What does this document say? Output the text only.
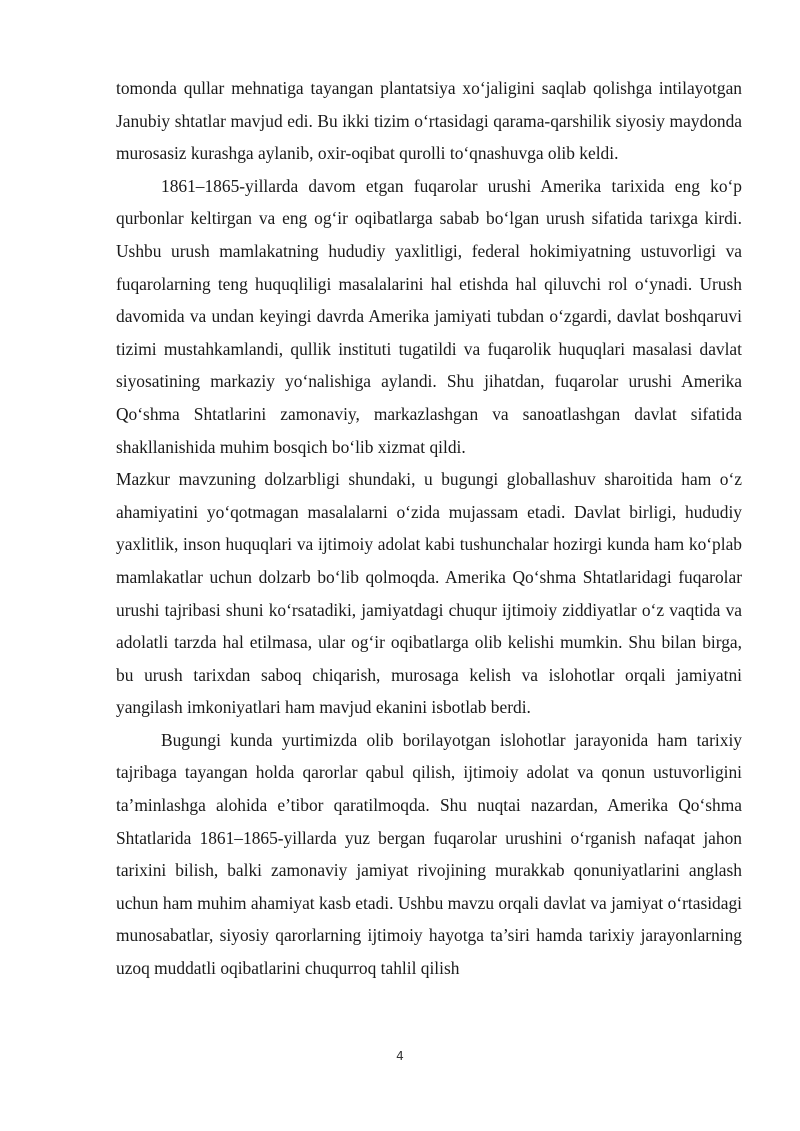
tomonda qullar mehnatiga tayangan plantatsiya xo‘jaligini saqlab qolishga intilayotgan Janubiy shtatlar mavjud edi. Bu ikki tizim o‘rtasidagi qarama-qarshilik siyosiy maydonda murosasiz kurashga aylanib, oxir-oqibat qurolli to‘qnashuvga olib keldi.

1861–1865-yillarda davom etgan fuqarolar urushi Amerika tarixida eng ko‘p qurbonlar keltirgan va eng og‘ir oqibatlarga sabab bo‘lgan urush sifatida tarixga kirdi. Ushbu urush mamlakatning hududiy yaxlitligi, federal hokimiyatning ustuvorligi va fuqarolarning teng huquqliligi masalalarini hal etishda hal qiluvchi rol o‘ynadi. Urush davomida va undan keyingi davrda Amerika jamiyati tubdan o‘zgardi, davlat boshqaruvi tizimi mustahkamlandi, qullik instituti tugatildi va fuqarolik huquqlari masalasi davlat siyosatining markaziy yo‘nalishiga aylandi. Shu jihatdan, fuqarolar urushi Amerika Qo‘shma Shtatlarini zamonaviy, markazlashgan va sanoatlashgan davlat sifatida shakllanishida muhim bosqich bo‘lib xizmat qildi.

Mazkur mavzuning dolzarbligi shundaki, u bugungi globallashuv sharoitida ham o‘z ahamiyatini yo‘qotmagan masalalarni o‘zida mujassam etadi. Davlat birligi, hududiy yaxlitlik, inson huquqlari va ijtimoiy adolat kabi tushunchalar hozirgi kunda ham ko‘plab mamlakatlar uchun dolzarb bo‘lib qolmoqda. Amerika Qo‘shma Shtatlaridagi fuqarolar urushi tajribasi shuni ko‘rsatadiki, jamiyatdagi chuqur ijtimoiy ziddiyatlar o‘z vaqtida va adolatli tarzda hal etilmasa, ular og‘ir oqibatlarga olib kelishi mumkin. Shu bilan birga, bu urush tarixdan saboq chiqarish, murosaga kelish va islohotlar orqali jamiyatni yangilash imkoniyatlari ham mavjud ekanini isbotlab berdi.

Bugungi kunda yurtimizda olib borilayotgan islohotlar jarayonida ham tarixiy tajribaga tayangan holda qarorlar qabul qilish, ijtimoiy adolat va qonun ustuvorligini ta’minlashga alohida e’tibor qaratilmoqda. Shu nuqtai nazardan, Amerika Qo‘shma Shtatlarida 1861–1865-yillarda yuz bergan fuqarolar urushini o‘rganish nafaqat jahon tarixini bilish, balki zamonaviy jamiyat rivojining murakkab qonuniyatlarini anglash uchun ham muhim ahamiyat kasb etadi. Ushbu mavzu orqali davlat va jamiyat o‘rtasidagi munosabatlar, siyosiy qarorlarning ijtimoiy hayotga ta’siri hamda tarixiy jarayonlarning uzoq muddatli oqibatlarini chuqurroq tahlil qilish

4
